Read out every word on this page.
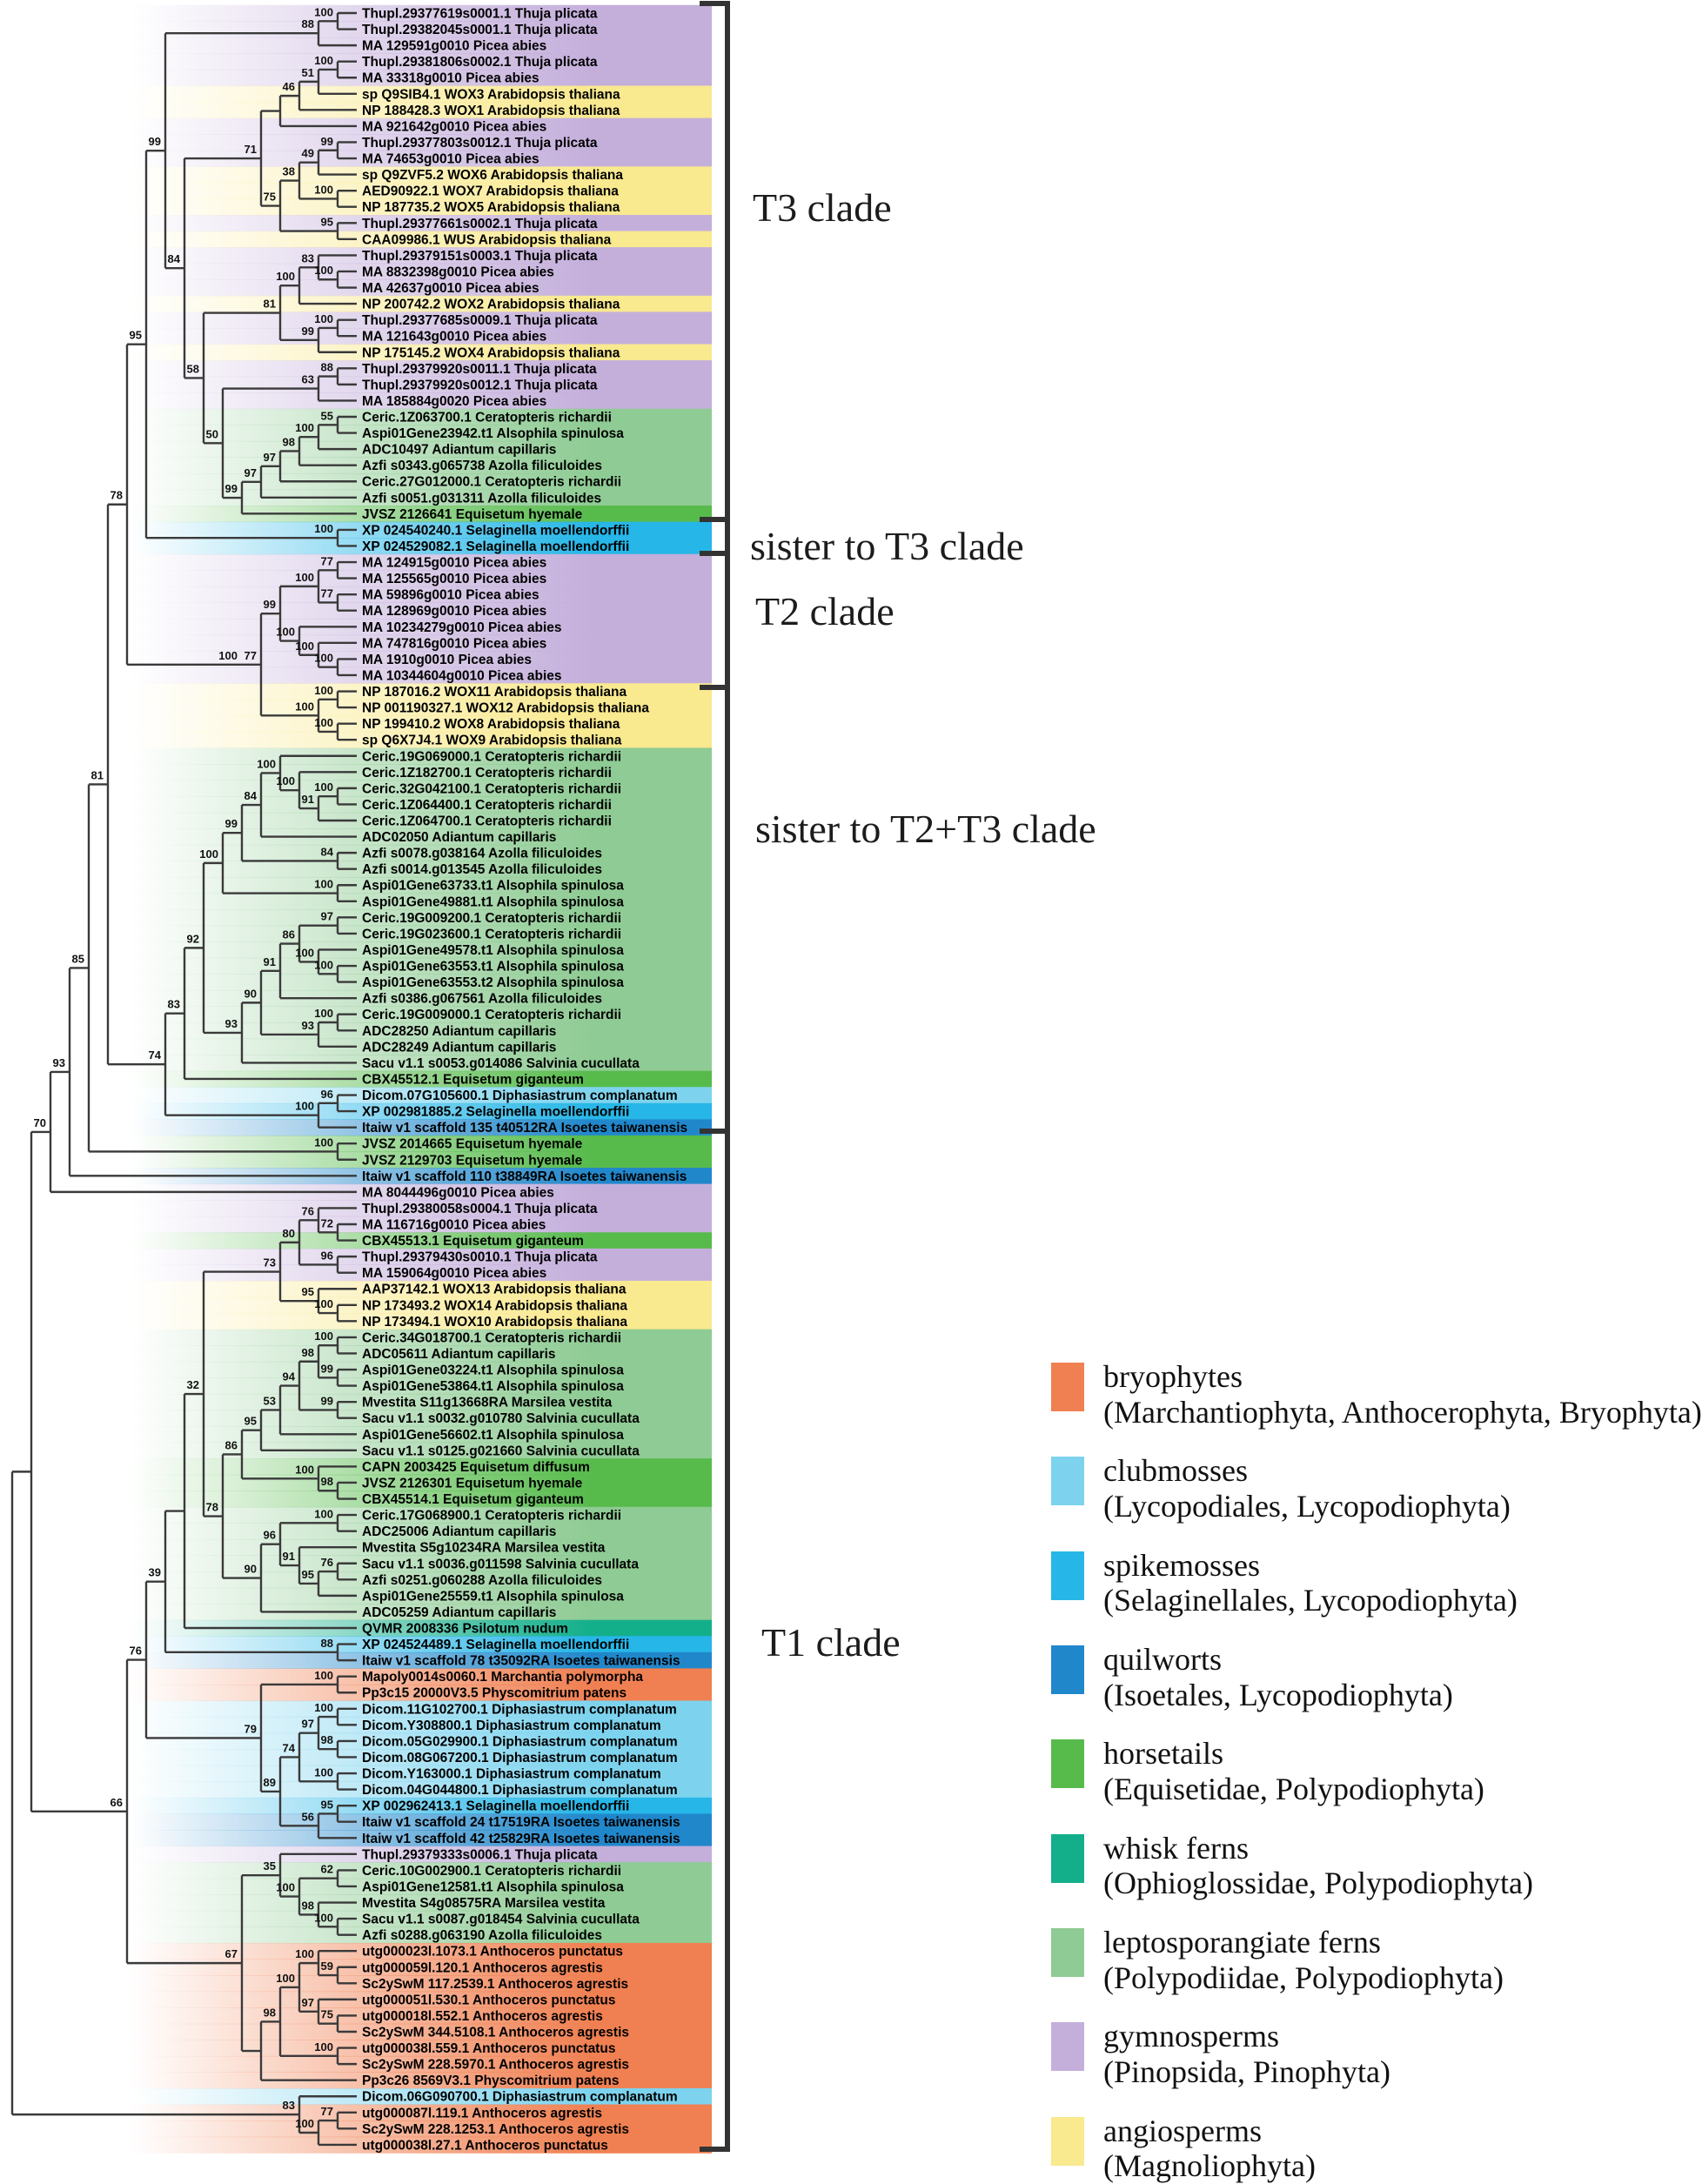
70
93
85
81
78
95
99
88
100
84
71
46
51
100
75
38
49
99
100
95
58
81
100
83
100
99
100
50
63
88
99
97
97
98
100
55
100
100 77
99
100
77
77
100
100
100
100
100
100
74
83
92
100
99
84
100
100
91
100
84
100
93
90
91
86
97
100
100
93
100
100
96
100
66
76
39
32
73
80
76
72
96
95
100
78
86
95
53
94
98
100
99
99
100
98
90
96
100
91
95
76
88
79
100
89
74
97
100
98
100
56
95
67
35
100
62
98
100
98
100
100
59
97
75
100
83
100
77
Thupl.29377619s0001.1 Thuja plicata
Thupl.29382045s0001.1 Thuja plicata
MA 129591g0010 Picea abies
Thupl.29381806s0002.1 Thuja plicata
MA 33318g0010 Picea abies
sp Q9SIB4.1 WOX3 Arabidopsis thaliana
NP 188428.3 WOX1 Arabidopsis thaliana
MA 921642g0010 Picea abies
Thupl.29377803s0012.1 Thuja plicata
MA 74653g0010 Picea abies
sp Q9ZVF5.2 WOX6 Arabidopsis thaliana
AED90922.1 WOX7 Arabidopsis thaliana
NP 187735.2 WOX5 Arabidopsis thaliana
Thupl.29377661s0002.1 Thuja plicata
CAA09986.1 WUS Arabidopsis thaliana
Thupl.29379151s0003.1 Thuja plicata
MA 8832398g0010 Picea abies
MA 42637g0010 Picea abies
NP 200742.2 WOX2 Arabidopsis thaliana
Thupl.29377685s0009.1 Thuja plicata
MA 121643g0010 Picea abies
NP 175145.2 WOX4 Arabidopsis thaliana
Thupl.29379920s0011.1 Thuja plicata
Thupl.29379920s0012.1 Thuja plicata
MA 185884g0020 Picea abies
Ceric.1Z063700.1 Ceratopteris richardii
Aspi01Gene23942.t1 Alsophila spinulosa
ADC10497 Adiantum capillaris
Azfi s0343.g065738 Azolla filiculoides
Ceric.27G012000.1 Ceratopteris richardii
Azfi s0051.g031311 Azolla filiculoides
JVSZ 2126641 Equisetum hyemale
XP 024540240.1 Selaginella moellendorffii
XP 024529082.1 Selaginella moellendorffii
MA 124915g0010 Picea abies
MA 125565g0010 Picea abies
MA 59896g0010 Picea abies
MA 128969g0010 Picea abies
MA 10234279g0010 Picea abies
MA 747816g0010 Picea abies
MA 1910g0010 Picea abies
MA 10344604g0010 Picea abies
NP 187016.2 WOX11 Arabidopsis thaliana
NP 001190327.1 WOX12 Arabidopsis thaliana
NP 199410.2 WOX8 Arabidopsis thaliana
sp Q6X7J4.1 WOX9 Arabidopsis thaliana
Ceric.19G069000.1 Ceratopteris richardii
Ceric.1Z182700.1 Ceratopteris richardii
Ceric.32G042100.1 Ceratopteris richardii
Ceric.1Z064400.1 Ceratopteris richardii
Ceric.1Z064700.1 Ceratopteris richardii
ADC02050 Adiantum capillaris
Azfi s0078.g038164 Azolla filiculoides
Azfi s0014.g013545 Azolla filiculoides
Aspi01Gene63733.t1 Alsophila spinulosa
Aspi01Gene49881.t1 Alsophila spinulosa
Ceric.19G009200.1 Ceratopteris richardii
Ceric.19G023600.1 Ceratopteris richardii
Aspi01Gene49578.t1 Alsophila spinulosa
Aspi01Gene63553.t1 Alsophila spinulosa
Aspi01Gene63553.t2 Alsophila spinulosa
Azfi s0386.g067561 Azolla filiculoides
Ceric.19G009000.1 Ceratopteris richardii
ADC28250 Adiantum capillaris
ADC28249 Adiantum capillaris
Sacu v1.1 s0053.g014086 Salvinia cucullata
CBX45512.1 Equisetum giganteum
Dicom.07G105600.1 Diphasiastrum complanatum
XP 002981885.2 Selaginella moellendorffii
Itaiw v1 scaffold 135 t40512RA Isoetes taiwanensis
JVSZ 2014665 Equisetum hyemale
JVSZ 2129703 Equisetum hyemale
Itaiw v1 scaffold 110 t38849RA Isoetes taiwanensis
MA 8044496g0010 Picea abies
Thupl.29380058s0004.1 Thuja plicata
MA 116716g0010 Picea abies
CBX45513.1 Equisetum giganteum
Thupl.29379430s0010.1 Thuja plicata
MA 159064g0010 Picea abies
AAP37142.1 WOX13 Arabidopsis thaliana
NP 173493.2 WOX14 Arabidopsis thaliana
NP 173494.1 WOX10 Arabidopsis thaliana
Ceric.34G018700.1 Ceratopteris richardii
ADC05611 Adiantum capillaris
Aspi01Gene03224.t1 Alsophila spinulosa
Aspi01Gene53864.t1 Alsophila spinulosa
Mvestita S11g13668RA Marsilea vestita
Sacu v1.1 s0032.g010780 Salvinia cucullata
Aspi01Gene56602.t1 Alsophila spinulosa
Sacu v1.1 s0125.g021660 Salvinia cucullata
CAPN 2003425 Equisetum diffusum
JVSZ 2126301 Equisetum hyemale
CBX45514.1 Equisetum giganteum
Ceric.17G068900.1 Ceratopteris richardii
ADC25006 Adiantum capillaris
Mvestita S5g10234RA Marsilea vestita
Sacu v1.1 s0036.g011598 Salvinia cucullata
Azfi s0251.g060288 Azolla filiculoides
Aspi01Gene25559.t1 Alsophila spinulosa
ADC05259 Adiantum capillaris
QVMR 2008336 Psilotum nudum
XP 024524489.1 Selaginella moellendorffii
Itaiw v1 scaffold 78 t35092RA Isoetes taiwanensis
Mapoly0014s0060.1 Marchantia polymorpha
Pp3c15 20000V3.5 Physcomitrium patens
Dicom.11G102700.1 Diphasiastrum complanatum
Dicom.Y308800.1 Diphasiastrum complanatum
Dicom.05G029900.1 Diphasiastrum complanatum
Dicom.08G067200.1 Diphasiastrum complanatum
Dicom.Y163000.1 Diphasiastrum complanatum
Dicom.04G044800.1 Diphasiastrum complanatum
XP 002962413.1 Selaginella moellendorffii
Itaiw v1 scaffold 24 t17519RA Isoetes taiwanensis
Itaiw v1 scaffold 42 t25829RA Isoetes taiwanensis
Thupl.29379333s0006.1 Thuja plicata
Ceric.10G002900.1 Ceratopteris richardii
Aspi01Gene12581.t1 Alsophila spinulosa
Mvestita S4g08575RA Marsilea vestita
Sacu v1.1 s0087.g018454 Salvinia cucullata
Azfi s0288.g063190 Azolla filiculoides
utg000023l.1073.1 Anthoceros punctatus
utg000059l.120.1 Anthoceros agrestis
Sc2ySwM 117.2539.1 Anthoceros agrestis
utg000051l.530.1 Anthoceros punctatus
utg000018l.552.1 Anthoceros agrestis
Sc2ySwM 344.5108.1 Anthoceros agrestis
utg000038l.559.1 Anthoceros punctatus
Sc2ySwM 228.5970.1 Anthoceros agrestis
Pp3c26 8569V3.1 Physcomitrium patens
Dicom.06G090700.1 Diphasiastrum complanatum
utg000087l.119.1 Anthoceros agrestis
Sc2ySwM 228.1253.1 Anthoceros agrestis
utg000038l.27.1 Anthoceros punctatus
T3 clade
sister to T3 clade
T2 clade
sister to T2+T3 clade
T1 clade
bryophytes
(Marchantiophyta, Anthocerophyta, Bryophyta)
clubmosses
(Lycopodiales, Lycopodiophyta)
spikemosses
(Selaginellales, Lycopodiophyta)
quilworts
(Isoetales, Lycopodiophyta)
horsetails
(Equisetidae, Polypodiophyta)
whisk ferns
(Ophioglossidae, Polypodiophyta)
leptosporangiate ferns
(Polypodiidae, Polypodiophyta)
gymnosperms
(Pinopsida, Pinophyta)
angiosperms
(Magnoliophyta)
